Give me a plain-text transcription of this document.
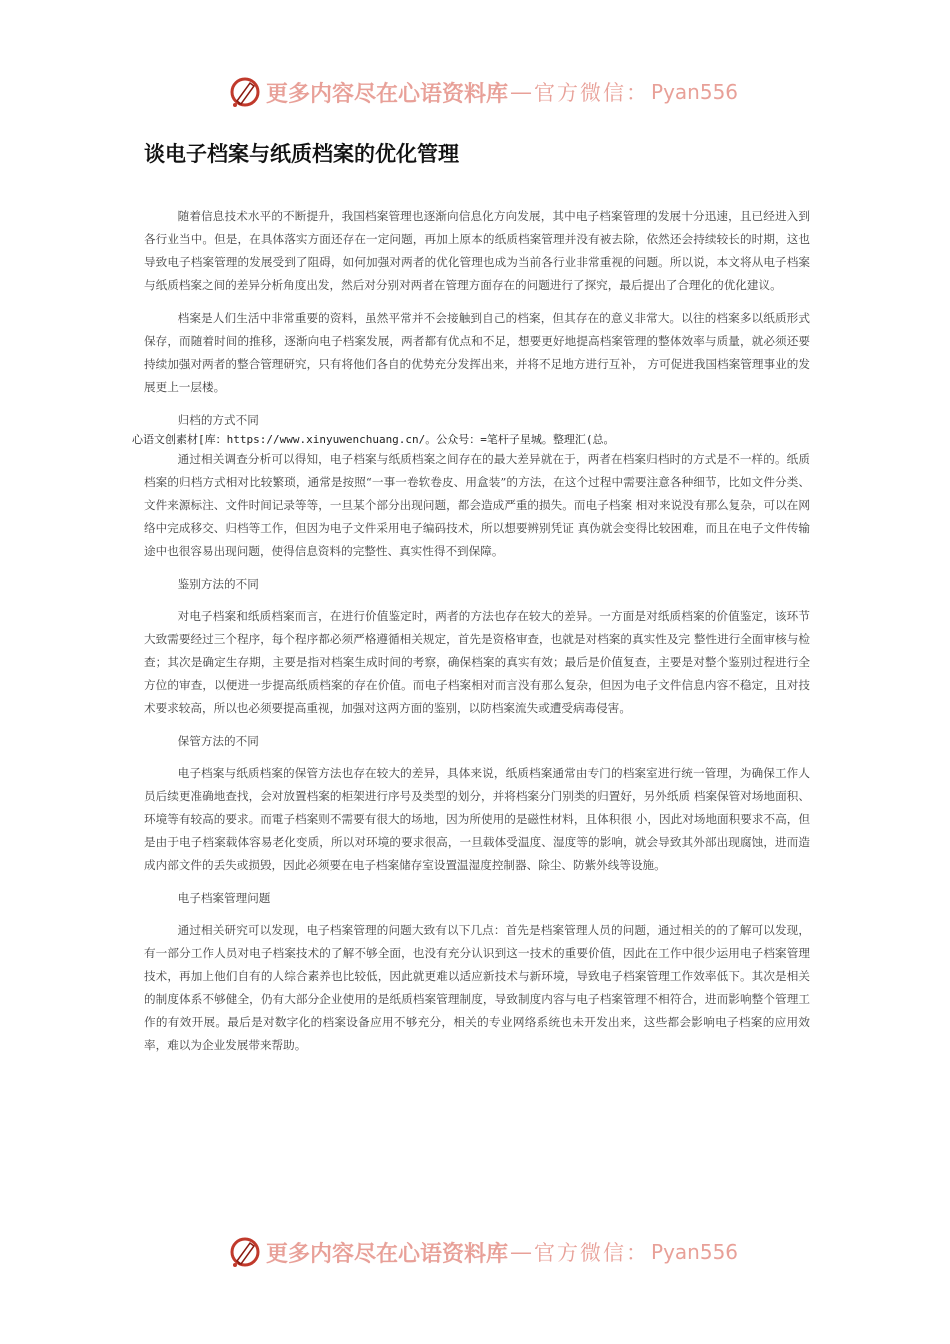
更多内容尽在心语资料库 — 官方微信： Pyan556
谈电子档案与纸质档案的优化管理

随着信息技术水平的不断提升，我国档案管理也逐渐向信息化方向发展，其中电子档案管理的发展十分迅速，且已经进入到各行业当中。但是，在具体落实方面还存在一定问题，再加上原本的纸质档案管理并没有被去除，依然还会持续较长的时期，这也导致电子档案管理的发展受到了阻碍，如何加强对两者的优化管理也成为当前各行业非常重视的问题。所以说，本文将从电子档案与纸质档案之间的差异分析角度出发，然后对分别对两者在管理方面存在的问题进行了探究，最后提出了合理化的优化建议。

档案是人们生活中非常重要的资料，虽然平常并不会接触到自己的档案，但其存在的意义非常大。以往的档案多以纸质形式保存，而随着时间的推移，逐渐向电子档案发展，两者都有优点和不足，想要更好地提高档案管理的整体效率与质量，就必须还要持续加强对两者的整合管理研究，只有将他们各自的优势充分发挥出来，并将不足地方进行互补， 方可促进我国档案管理事业的发展更上一层楼。

归档的方式不同
心语文创素材[库：https://www.xinyuwenchuang.cn/。公众号：=笔杆子星城。整理汇(总。

通过相关调查分析可以得知，电子档案与纸质档案之间存在的最大差异就在于，两者在档案归档时的方式是不一样的。纸质档案的归档方式相对比较繁琐，通常是按照“一事一卷软卷皮、用盒装”的方法，在这个过程中需要注意各种细节，比如文件分类、文件来源标注、文件时间记录等等，一旦某个部分出现问题，都会造成严重的损失。而电子档案 相对来说没有那么复杂，可以在网络中完成移交、归档等工作，但因为电子文件采用电子编码技术，所以想要辨别凭证 真伪就会变得比较困难，而且在电子文件传输途中也很容易出现问题，使得信息资料的完整性、真实性得不到保障。

鉴别方法的不同

对电子档案和纸质档案而言，在进行价值鉴定时，两者的方法也存在较大的差异。一方面是对纸质档案的价值鉴定，该环节大致需要经过三个程序，每个程序都必须严格遵循相关规定，首先是资格审查，也就是对档案的真实性及完 整性进行全面审核与检查；其次是确定生存期，主要是指对档案生成时间的考察，确保档案的真实有效；最后是价值复查，主要是对整个鉴别过程进行全方位的审查，以便进一步提高纸质档案的存在价值。而电子档案相对而言没有那么复杂，但因为电子文件信息内容不稳定，且对技术要求较高，所以也必须要提高重视，加强对这两方面的鉴别，以防档案流失或遭受病毒侵害。

保管方法的不同

电子档案与纸质档案的保管方法也存在较大的差异，具体来说，纸质档案通常由专门的档案室进行统一管理，为确保工作人员后续更准确地查找，会对放置档案的柜架进行序号及类型的划分，并将档案分门别类的归置好，另外纸质 档案保管对场地面积、环境等有较高的要求。而電子档案则不需要有很大的场地，因为所使用的是磁性材料，且体积很 小，因此对场地面积要求不高，但是由于电子档案载体容易老化变质，所以对环境的要求很高，一旦载体受温度、湿度等的影响，就会导致其外部出现腐蚀，进而造成内部文件的丢失或损毁，因此必须要在电子档案储存室设置温湿度控制器、除尘、防紫外线等设施。

电子档案管理问题

通过相关研究可以发现，电子档案管理的问题大致有以下几点：首先是档案管理人员的问题，通过相关的的了解可以发现，有一部分工作人员对电子档案技术的了解不够全面，也没有充分认识到这一技术的重要价值，因此在工作中很少运用电子档案管理技术，再加上他们自有的人综合素养也比较低，因此就更难以适应新技术与新环境，导致电子档案管理工作效率低下。其次是相关的制度体系不够健全，仍有大部分企业使用的是纸质档案管理制度，导致制度内容与电子档案管理不相符合，进而影响整个管理工作的有效开展。最后是对数字化的档案设备应用不够充分，相关的专业网络系统也未开发出来，这些都会影响电子档案的应用效率，难以为企业发展带来帮助。

更多内容尽在心语资料库 — 官方微信： Pyan556
